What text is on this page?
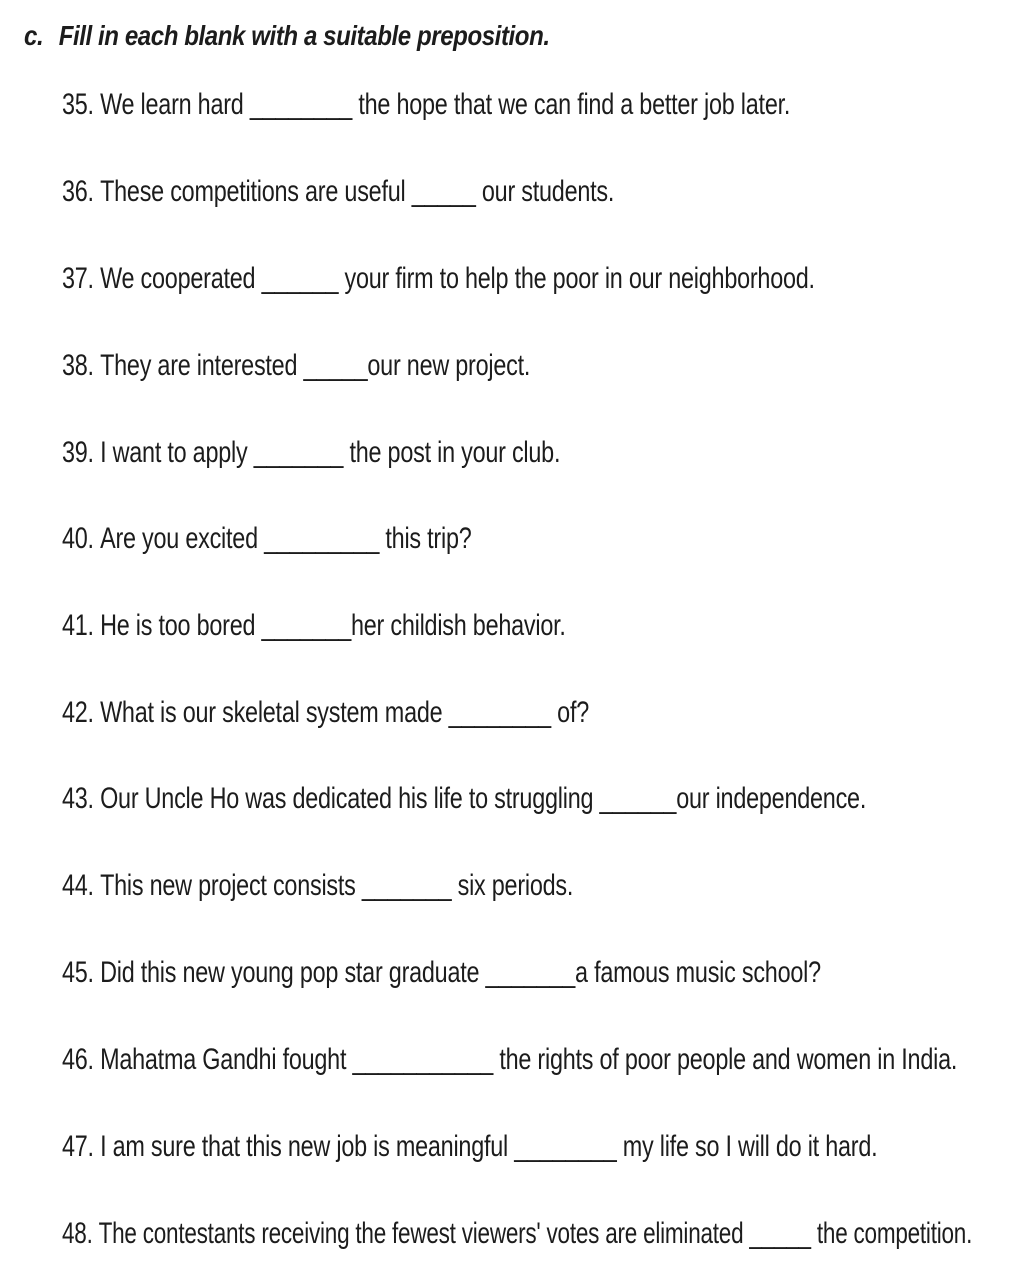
c. Fill in each blank with a suitable preposition.
35. We learn hard ________ the hope that we can find a better job later.
36. These competitions are useful _____ our students.
37. We cooperated ______ your firm to help the poor in our neighborhood.
38. They are interested _____our new project.
39. I want to apply _______ the post in your club.
40. Are you excited _________ this trip?
41. He is too bored _______her childish behavior.
42. What is our skeletal system made ________ of?
43. Our Uncle Ho was dedicated his life to struggling ______our independence.
44. This new project consists _______ six periods.
45. Did this new young pop star graduate _______a famous music school?
46. Mahatma Gandhi fought ___________ the rights of poor people and women in India.
47. I am sure that this new job is meaningful ________ my life so I will do it hard.
48. The contestants receiving the fewest viewers' votes are eliminated _____ the competition.
